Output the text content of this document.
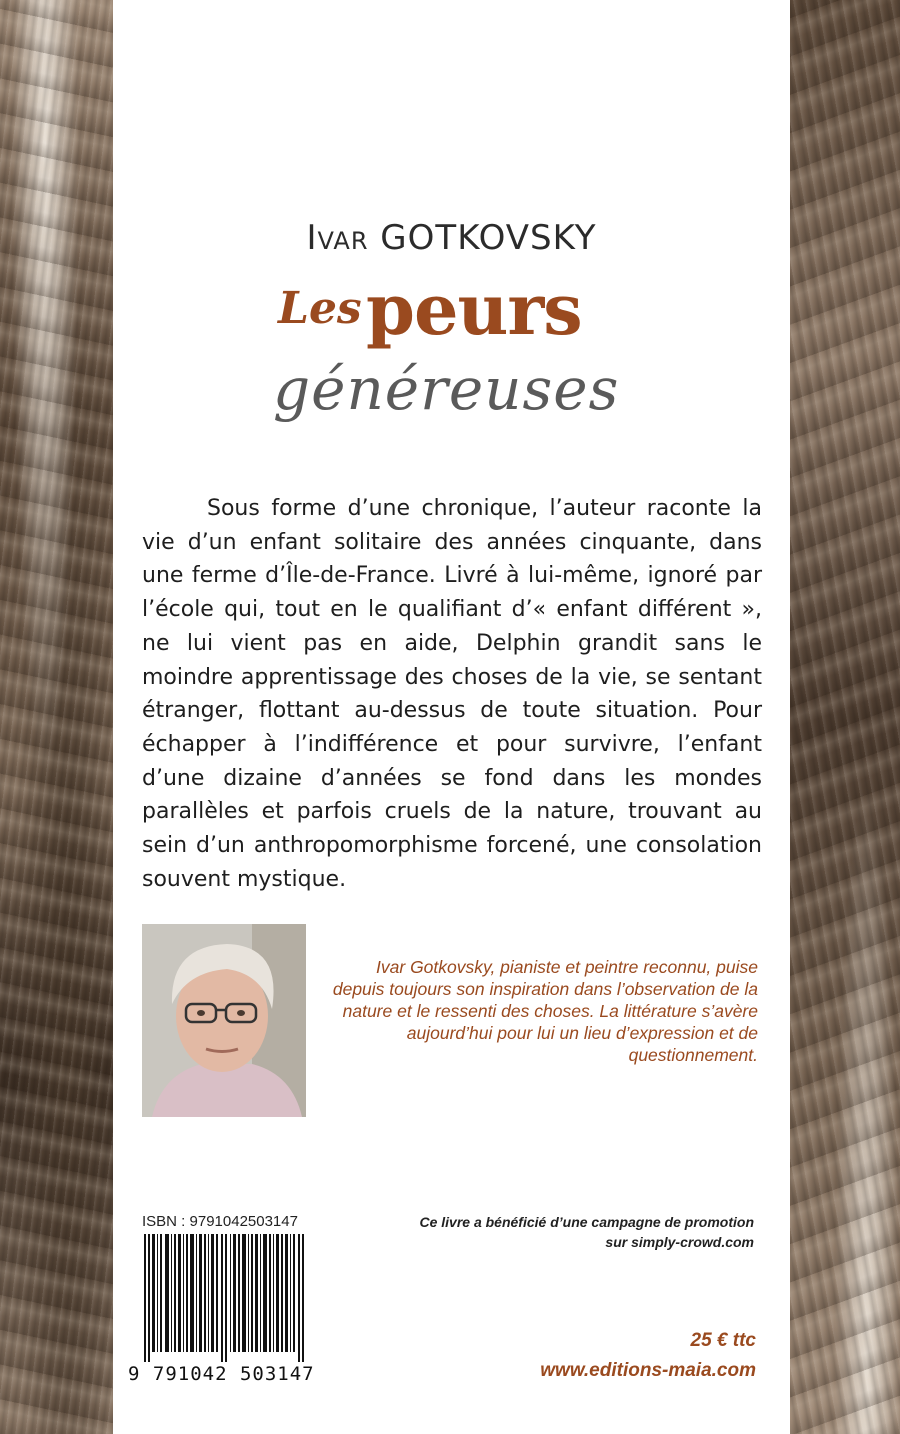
Ivar GOTKOVSKY
Les peurs
généreuses

Sous forme d’une chronique, l’auteur raconte la vie d’un enfant solitaire des années cinquante, dans une ferme d’Île-de-France. Livré à lui-même, ignoré par l’école qui, tout en le qualifiant d’« enfant différent », ne lui vient pas en aide, Delphin grandit sans le moindre apprentissage des choses de la vie, se sentant étranger, flottant au-dessus de toute situation. Pour échapper à l’indifférence et pour survivre, l’enfant d’une dizaine d’années se fond dans les mondes parallèles et parfois cruels de la nature, trouvant au sein d’un anthropomorphisme forcené, une consolation souvent mystique.

Ivar Gotkovsky, pianiste et peintre reconnu, puise depuis toujours son inspiration dans l’observation de la nature et le ressenti des choses. La littérature s’avère aujourd’hui pour lui un lieu d’expression et de questionnement.

ISBN : 9791042503147
9 791042 503147
Ce livre a bénéficié d’une campagne de promotion
sur simply-crowd.com
25 € ttc
www.editions-maia.com
